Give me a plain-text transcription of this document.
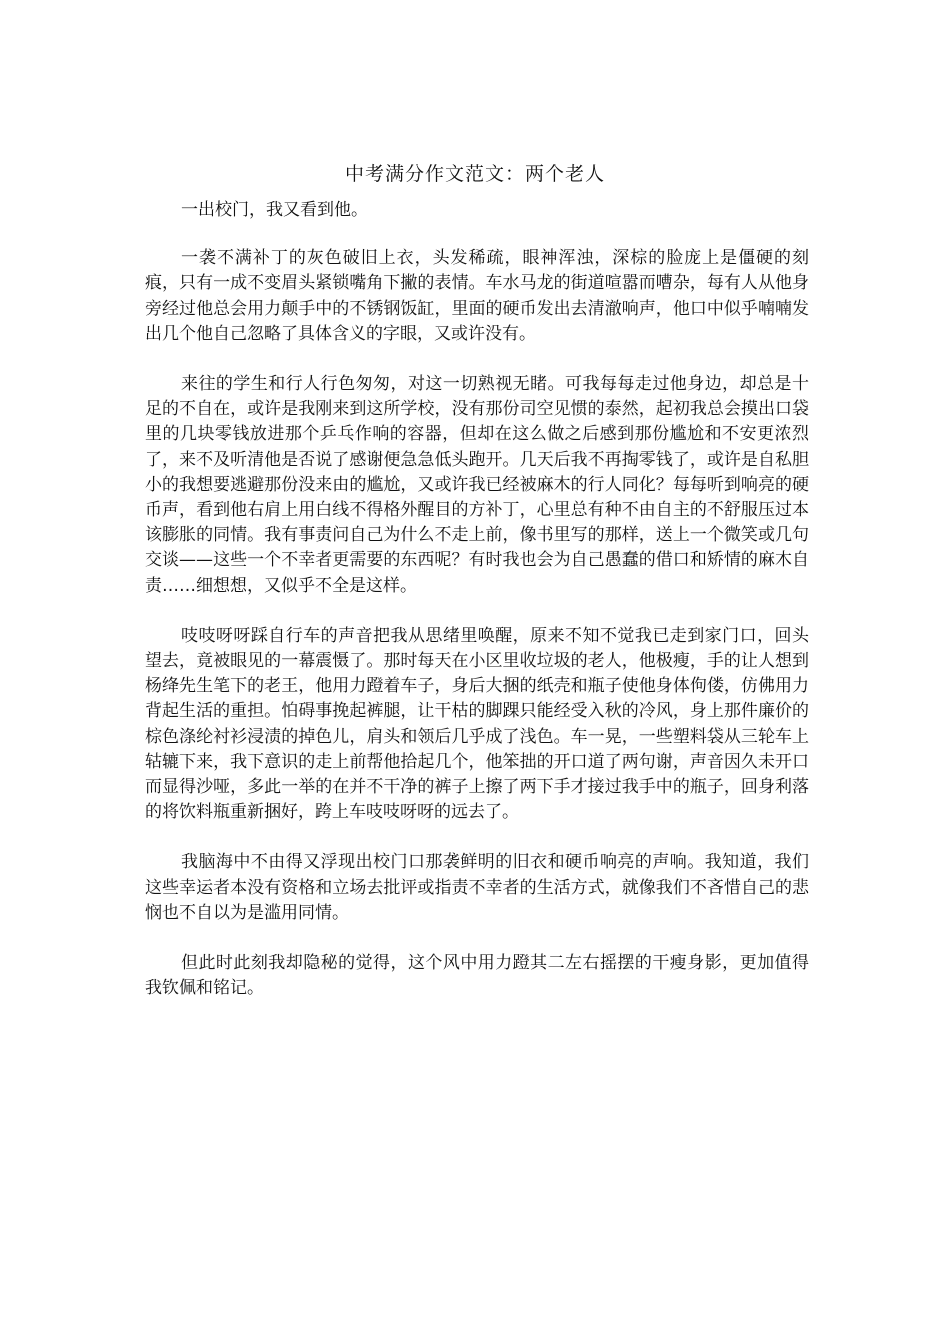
中考满分作文范文：两个老人

一出校门，我又看到他。

一袭不满补丁的灰色破旧上衣，头发稀疏，眼神浑浊，深棕的脸庞上是僵硬的刻痕，只有一成不变眉头紧锁嘴角下撇的表情。车水马龙的街道喧嚣而嘈杂，每有人从他身旁经过他总会用力颠手中的不锈钢饭缸，里面的硬币发出去清澈响声，他口中似乎喃喃发出几个他自己忽略了具体含义的字眼，又或许没有。

来往的学生和行人行色匆匆，对这一切熟视无睹。可我每每走过他身边，却总是十足的不自在，或许是我刚来到这所学校，没有那份司空见惯的泰然，起初我总会摸出口袋里的几块零钱放进那个乒乓作响的容器，但却在这么做之后感到那份尴尬和不安更浓烈了，来不及听清他是否说了感谢便急急低头跑开。几天后我不再掏零钱了，或许是自私胆小的我想要逃避那份没来由的尴尬，又或许我已经被麻木的行人同化？每每听到响亮的硬币声，看到他右肩上用白线不得格外醒目的方补丁，心里总有种不由自主的不舒服压过本该膨胀的同情。我有事责问自己为什么不走上前，像书里写的那样，送上一个微笑或几句交谈——这些一个不幸者更需要的东西呢？有时我也会为自己愚蠢的借口和矫情的麻木自责……细想想，又似乎不全是这样。

吱吱呀呀踩自行车的声音把我从思绪里唤醒，原来不知不觉我已走到家门口，回头望去，竟被眼见的一幕震慑了。那时每天在小区里收垃圾的老人，他极瘦，手的让人想到杨绛先生笔下的老王，他用力蹬着车子，身后大捆的纸壳和瓶子使他身体佝偻，仿佛用力背起生活的重担。怕碍事挽起裤腿，让干枯的脚踝只能经受入秋的冷风，身上那件廉价的棕色涤纶衬衫浸渍的掉色儿，肩头和领后几乎成了浅色。车一晃，一些塑料袋从三轮车上轱辘下来，我下意识的走上前帮他拾起几个，他笨拙的开口道了两句谢，声音因久未开口而显得沙哑，多此一举的在并不干净的裤子上擦了两下手才接过我手中的瓶子，回身利落的将饮料瓶重新捆好，跨上车吱吱呀呀的远去了。

我脑海中不由得又浮现出校门口那袭鲜明的旧衣和硬币响亮的声响。我知道，我们这些幸运者本没有资格和立场去批评或指责不幸者的生活方式，就像我们不吝惜自己的悲悯也不自以为是滥用同情。

但此时此刻我却隐秘的觉得，这个风中用力蹬其二左右摇摆的干瘦身影，更加值得我钦佩和铭记。
